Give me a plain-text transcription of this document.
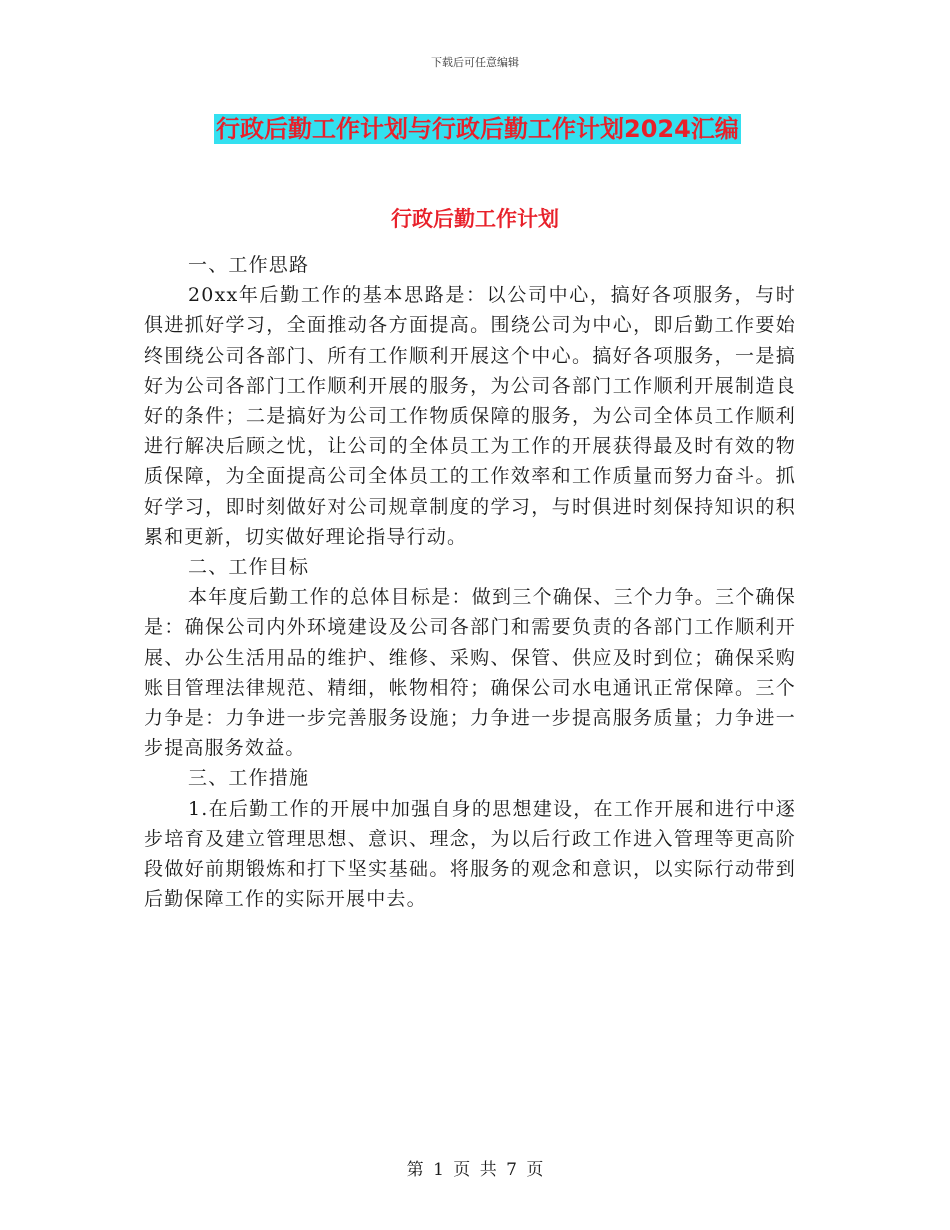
下载后可任意编辑
行政后勤工作计划与行政后勤工作计划2024汇编
行政后勤工作计划

一、工作思路

20xx年后勤工作的基本思路是：以公司中心，搞好各项服务，与时俱进抓好学习，全面推动各方面提高。围绕公司为中心，即后勤工作要始终围绕公司各部门、所有工作顺利开展这个中心。搞好各项服务，一是搞好为公司各部门工作顺利开展的服务，为公司各部门工作顺利开展制造良好的条件；二是搞好为公司工作物质保障的服务，为公司全体员工作顺利进行解决后顾之忧，让公司的全体员工为工作的开展获得最及时有效的物质保障，为全面提高公司全体员工的工作效率和工作质量而努力奋斗。抓好学习，即时刻做好对公司规章制度的学习，与时俱进时刻保持知识的积累和更新，切实做好理论指导行动。

二、工作目标

本年度后勤工作的总体目标是：做到三个确保、三个力争。三个确保是：确保公司内外环境建设及公司各部门和需要负责的各部门工作顺利开展、办公生活用品的维护、维修、采购、保管、供应及时到位；确保采购账目管理法律规范、精细，帐物相符；确保公司水电通讯正常保障。三个力争是：力争进一步完善服务设施；力争进一步提高服务质量；力争进一步提高服务效益。

三、工作措施

1.在后勤工作的开展中加强自身的思想建设，在工作开展和进行中逐步培育及建立管理思想、意识、理念，为以后行政工作进入管理等更高阶段做好前期锻炼和打下坚实基础。将服务的观念和意识，以实际行动带到后勤保障工作的实际开展中去。

第 1 页 共 7 页
